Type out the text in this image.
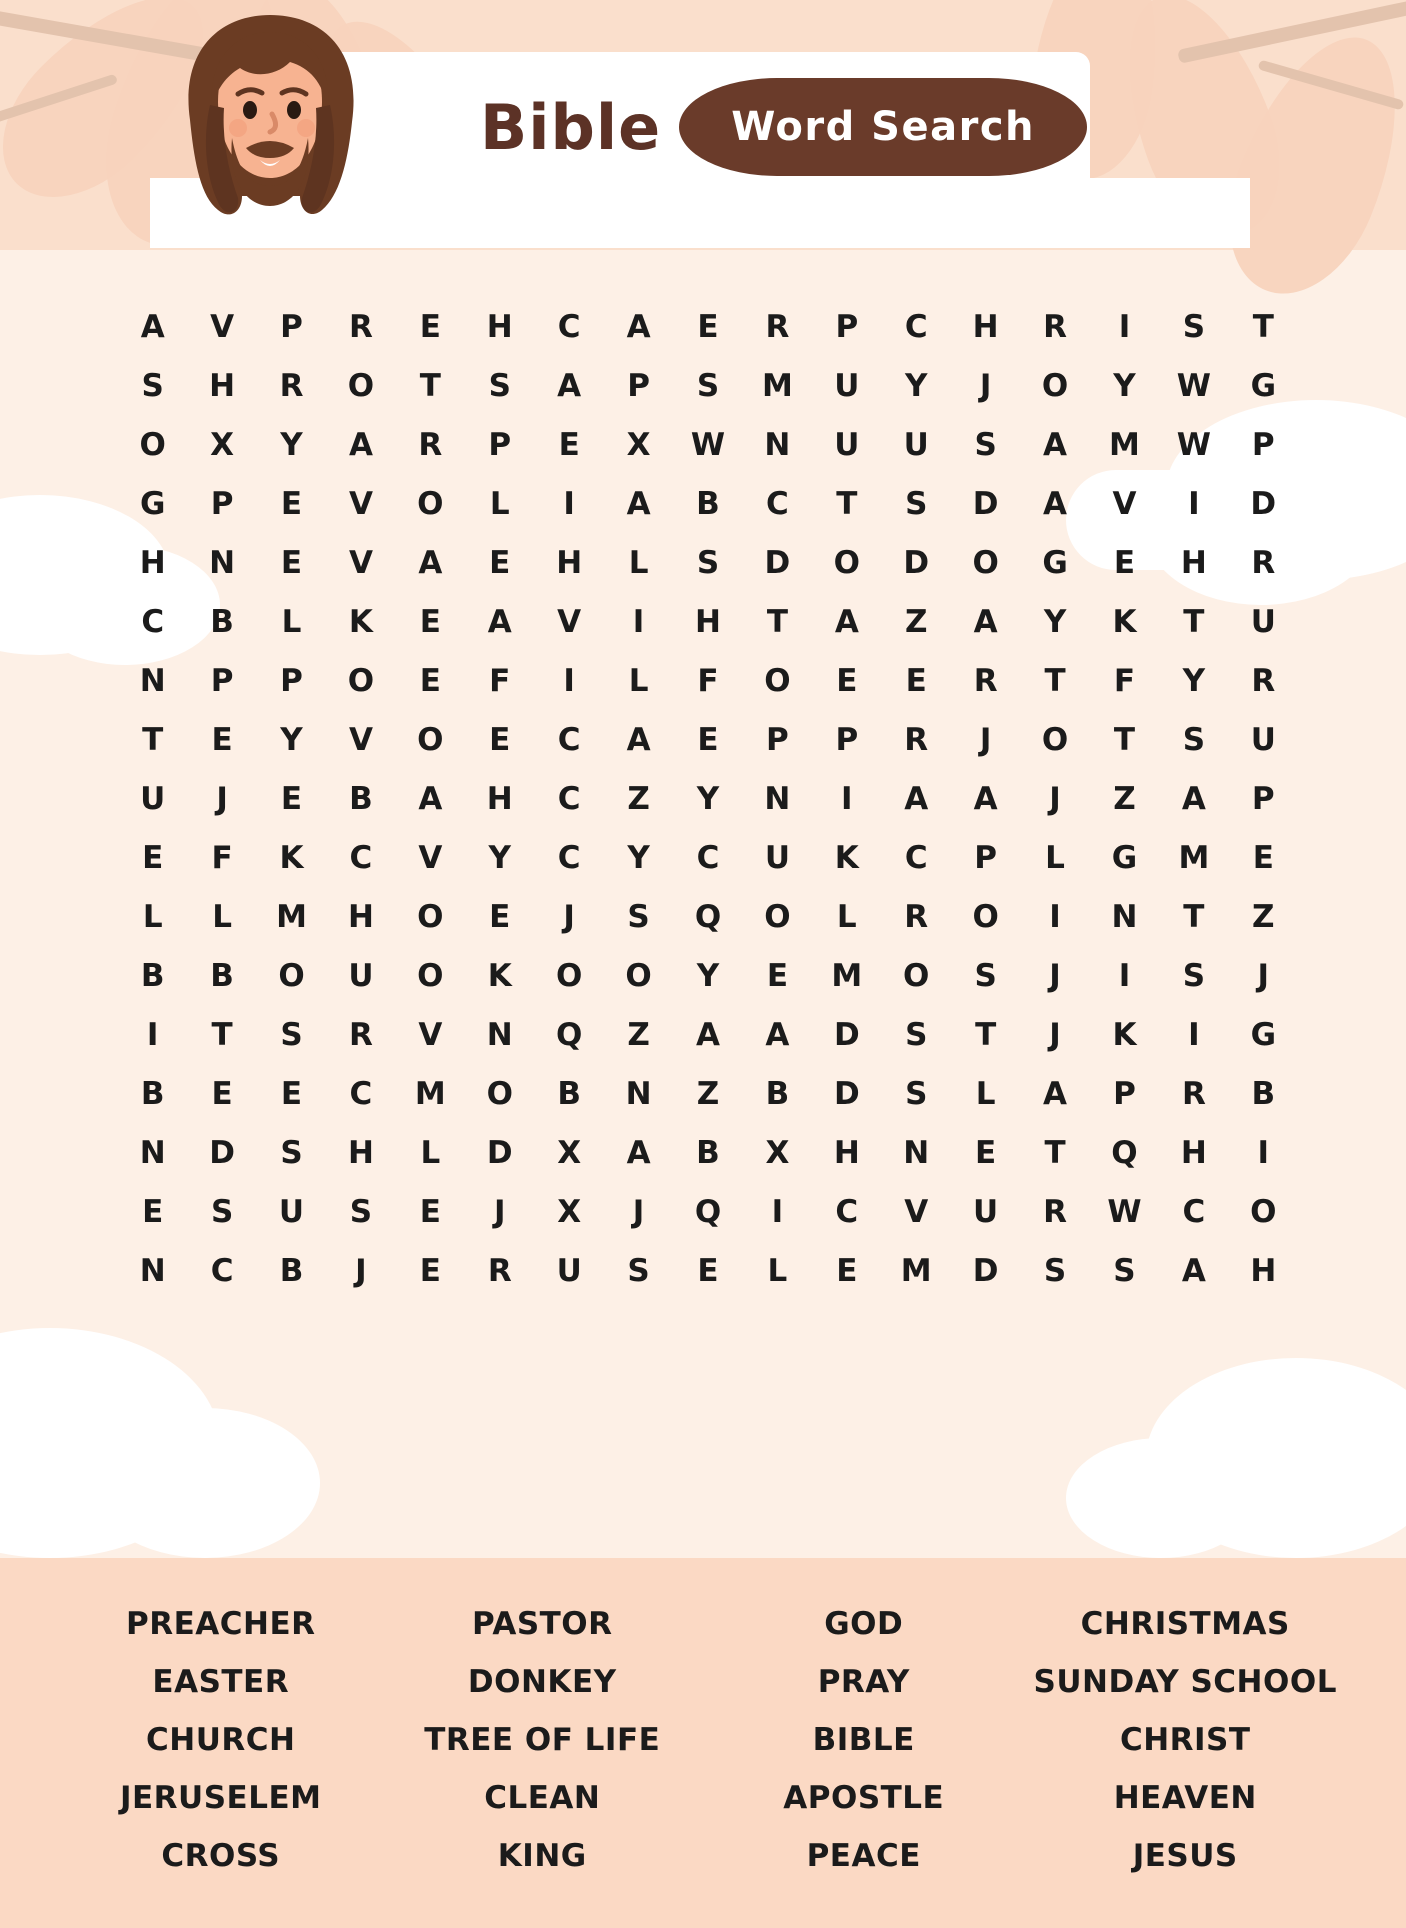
Bible	Word Search
A	V	P	R	E	H	C	A	E	R	P	C	H	R	I	S	T
S	H	R	O	T	S	A	P	S	M	U	Y	J	O	Y	W	G
O	X	Y	A	R	P	E	X	W	N	U	U	S	A	M	W	P
G	P	E	V	O	L	I	A	B	C	T	S	D	A	V	I	D
H	N	E	V	A	E	H	L	S	D	O	D	O	G	E	H	R
C	B	L	K	E	A	V	I	H	T	A	Z	A	Y	K	T	U
N	P	P	O	E	F	I	L	F	O	E	E	R	T	F	Y	R
T	E	Y	V	O	E	C	A	E	P	P	R	J	O	T	S	U
U	J	E	B	A	H	C	Z	Y	N	I	A	A	J	Z	A	P
E	F	K	C	V	Y	C	Y	C	U	K	C	P	L	G	M	E
L	L	M	H	O	E	J	S	Q	O	L	R	O	I	N	T	Z
B	B	O	U	O	K	O	O	Y	E	M	O	S	J	I	S	J
I	T	S	R	V	N	Q	Z	A	A	D	S	T	J	K	I	G
B	E	E	C	M	O	B	N	Z	B	D	S	L	A	P	R	B
N	D	S	H	L	D	X	A	B	X	H	N	E	T	Q	H	I
E	S	U	S	E	J	X	J	Q	I	C	V	U	R	W	C	O
N	C	B	J	E	R	U	S	E	L	E	M	D	S	S	A	H
PREACHER
EASTER
CHURCH
JERUSELEM
CROSS
PASTOR
DONKEY
TREE OF LIFE
CLEAN
KING
GOD
PRAY
BIBLE
APOSTLE
PEACE
CHRISTMAS
SUNDAY SCHOOL
CHRIST
HEAVEN
JESUS
